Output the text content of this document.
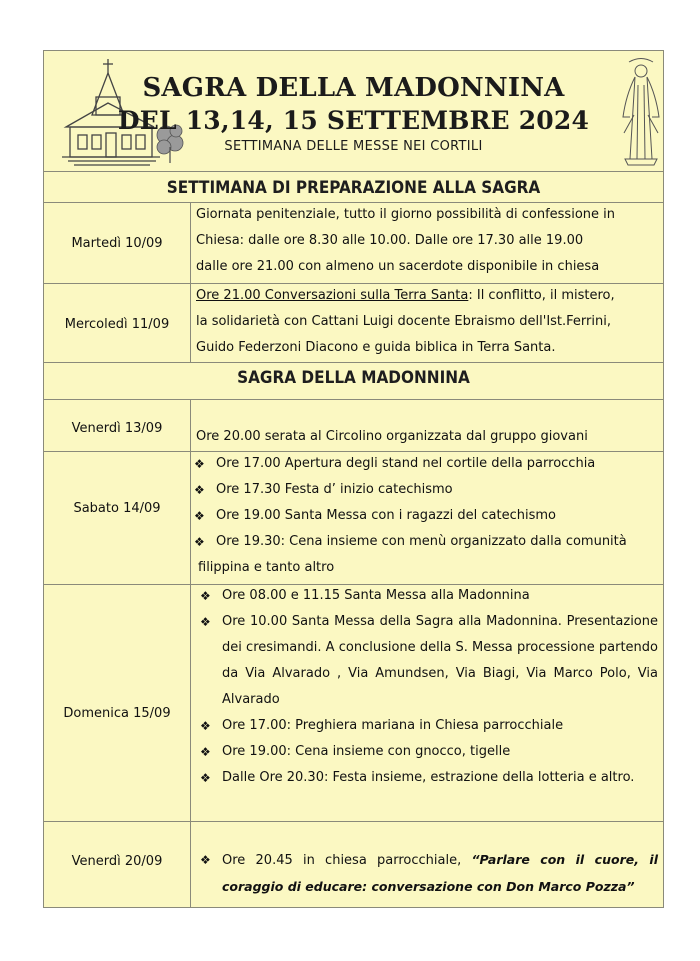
SAGRA DELLA MADONNINA
DEL 13,14, 15 SETTEMBRE 2024
SETTIMANA DELLE MESSE NEI CORTILI
SETTIMANA DI PREPARAZIONE ALLA SAGRA
SAGRA DELLA MADONNINA
Martedì 10/09
Giornata penitenziale, tutto il giorno possibilità di confessione in
Chiesa: dalle ore 8.30 alle 10.00. Dalle ore 17.30 alle 19.00
dalle ore 21.00 con almeno un sacerdote disponibile in chiesa
Mercoledì 11/09
Ore 21.00 Conversazioni sulla Terra Santa: Il conflitto, il mistero,
la solidarietà con Cattani Luigi docente Ebraismo dell'Ist.Ferrini,
Guido Federzoni Diacono e guida biblica in Terra Santa.
Venerdì 13/09
Ore 20.00 serata al Circolino organizzata dal gruppo giovani
Sabato 14/09
❖ Ore 17.00 Apertura degli stand nel cortile della parrocchia
❖ Ore 17.30 Festa d’ inizio catechismo
❖ Ore 19.00 Santa Messa con i ragazzi del catechismo
❖ Ore 19.30: Cena insieme con menù organizzato dalla comunità
filippina e tanto altro
Domenica 15/09
❖ Ore 08.00 e 11.15 Santa Messa alla Madonnina
❖ Ore 10.00 Santa Messa della Sagra alla Madonnina. Presentazione dei cresimandi. A conclusione della S. Messa processione partendo da Via Alvarado , Via Amundsen, Via Biagi, Via Marco Polo, Via Alvarado
❖ Ore 17.00: Preghiera mariana in Chiesa parrocchiale
❖ Ore 19.00: Cena insieme con gnocco, tigelle
❖ Dalle Ore 20.30: Festa insieme, estrazione della lotteria e altro.
Venerdì 20/09	❖ Ore 20.45 in chiesa parrocchiale, “Parlare con il cuore, il coraggio di educare: conversazione con Don Marco Pozza”
